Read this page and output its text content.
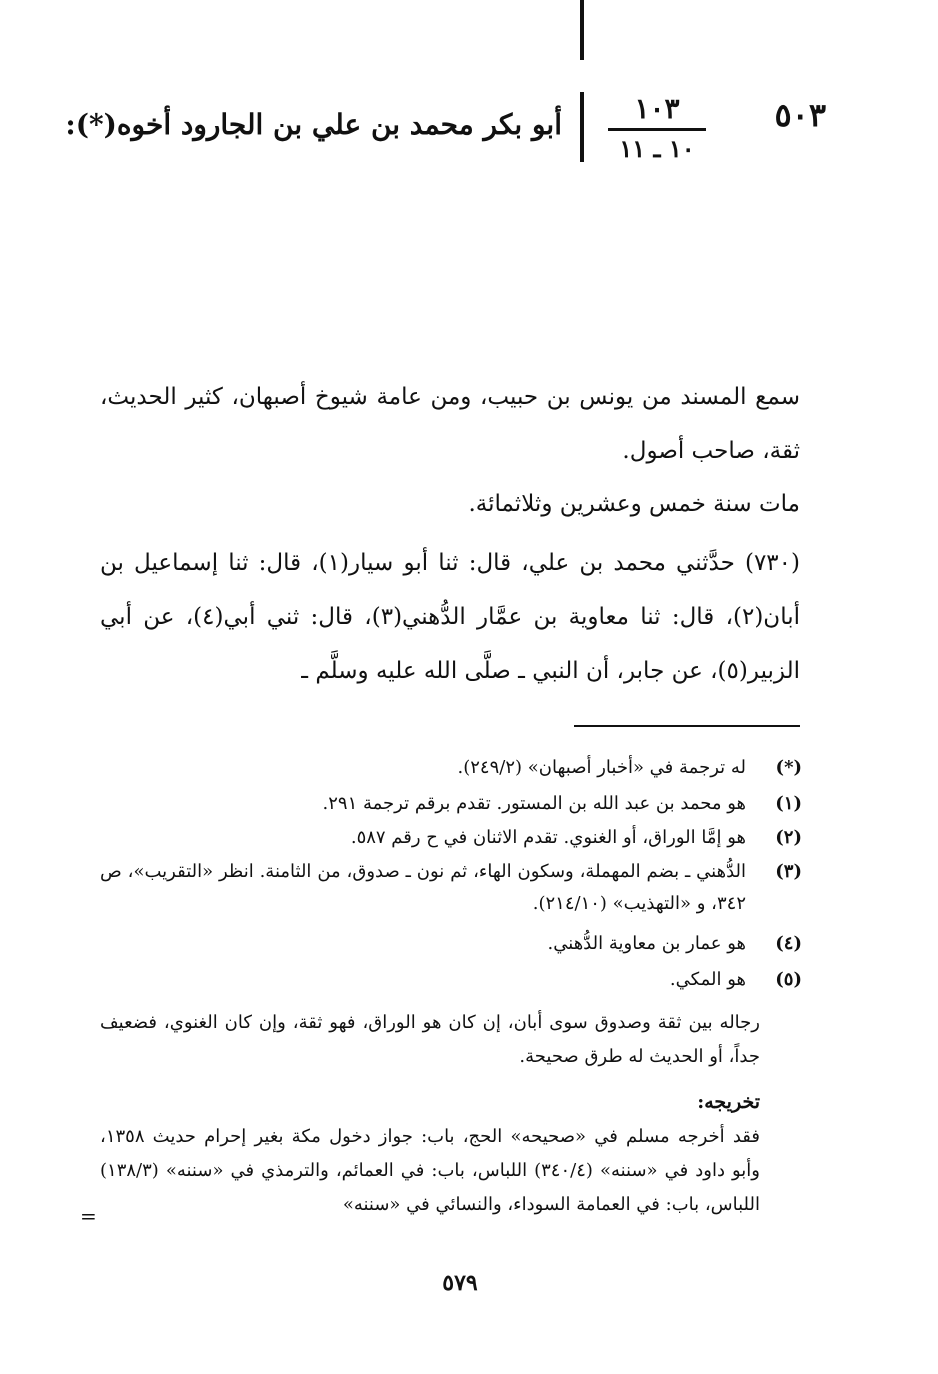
٥٠٣
١٠٣
١٠ ـ ١١
أبو بكر محمد بن علي بن الجارود أخوه(*):
سمع المسند من يونس بن حبيب، ومن عامة شيوخ أصبهان، كثير الحديث، ثقة، صاحب أصول.
مات سنة خمس وعشرين وثلاثمائة.
(٧٣٠) حدَّثني محمد بن علي، قال: ثنا أبو سيار(١)، قال: ثنا إسماعيل بن أبان(٢)، قال: ثنا معاوية بن عمَّار الدُّهني(٣)، قال: ثني أبي(٤)، عن أبي الزبير(٥)، عن جابر، أن النبي ـ صلَّى الله عليه وسلَّم ـ
(*)
له ترجمة في «أخبار أصبهان» (٢٤٩/٢).
(١)
هو محمد بن عبد الله بن المستور. تقدم برقم ترجمة ٢٩١.
(٢)
هو إمَّا الوراق، أو الغنوي. تقدم الاثنان في ح رقم ٥٨٧.
(٣)
الدُّهني ـ بضم المهملة، وسكون الهاء، ثم نون ـ صدوق، من الثامنة. انظر «التقريب»، ص ٣٤٢، و «التهذيب» (٢١٤/١٠).
(٤)
هو عمار بن معاوية الدُّهني.
(٥)
هو المكي.
رجاله بين ثقة وصدوق سوى أبان، إن كان هو الوراق، فهو ثقة، وإن كان الغنوي، فضعيف جداً، أو الحديث له طرق صحيحة.
تخريجه:
فقد أخرجه مسلم في «صحيحه» الحج، باب: جواز دخول مكة بغير إحرام حديث ١٣٥٨، وأبو داود في «سننه» (٣٤٠/٤) اللباس، باب: في العمائم، والترمذي في «سننه» (١٣٨/٣) اللباس، باب: في العمامة السوداء، والنسائي في «سننه»
=
٥٧٩
